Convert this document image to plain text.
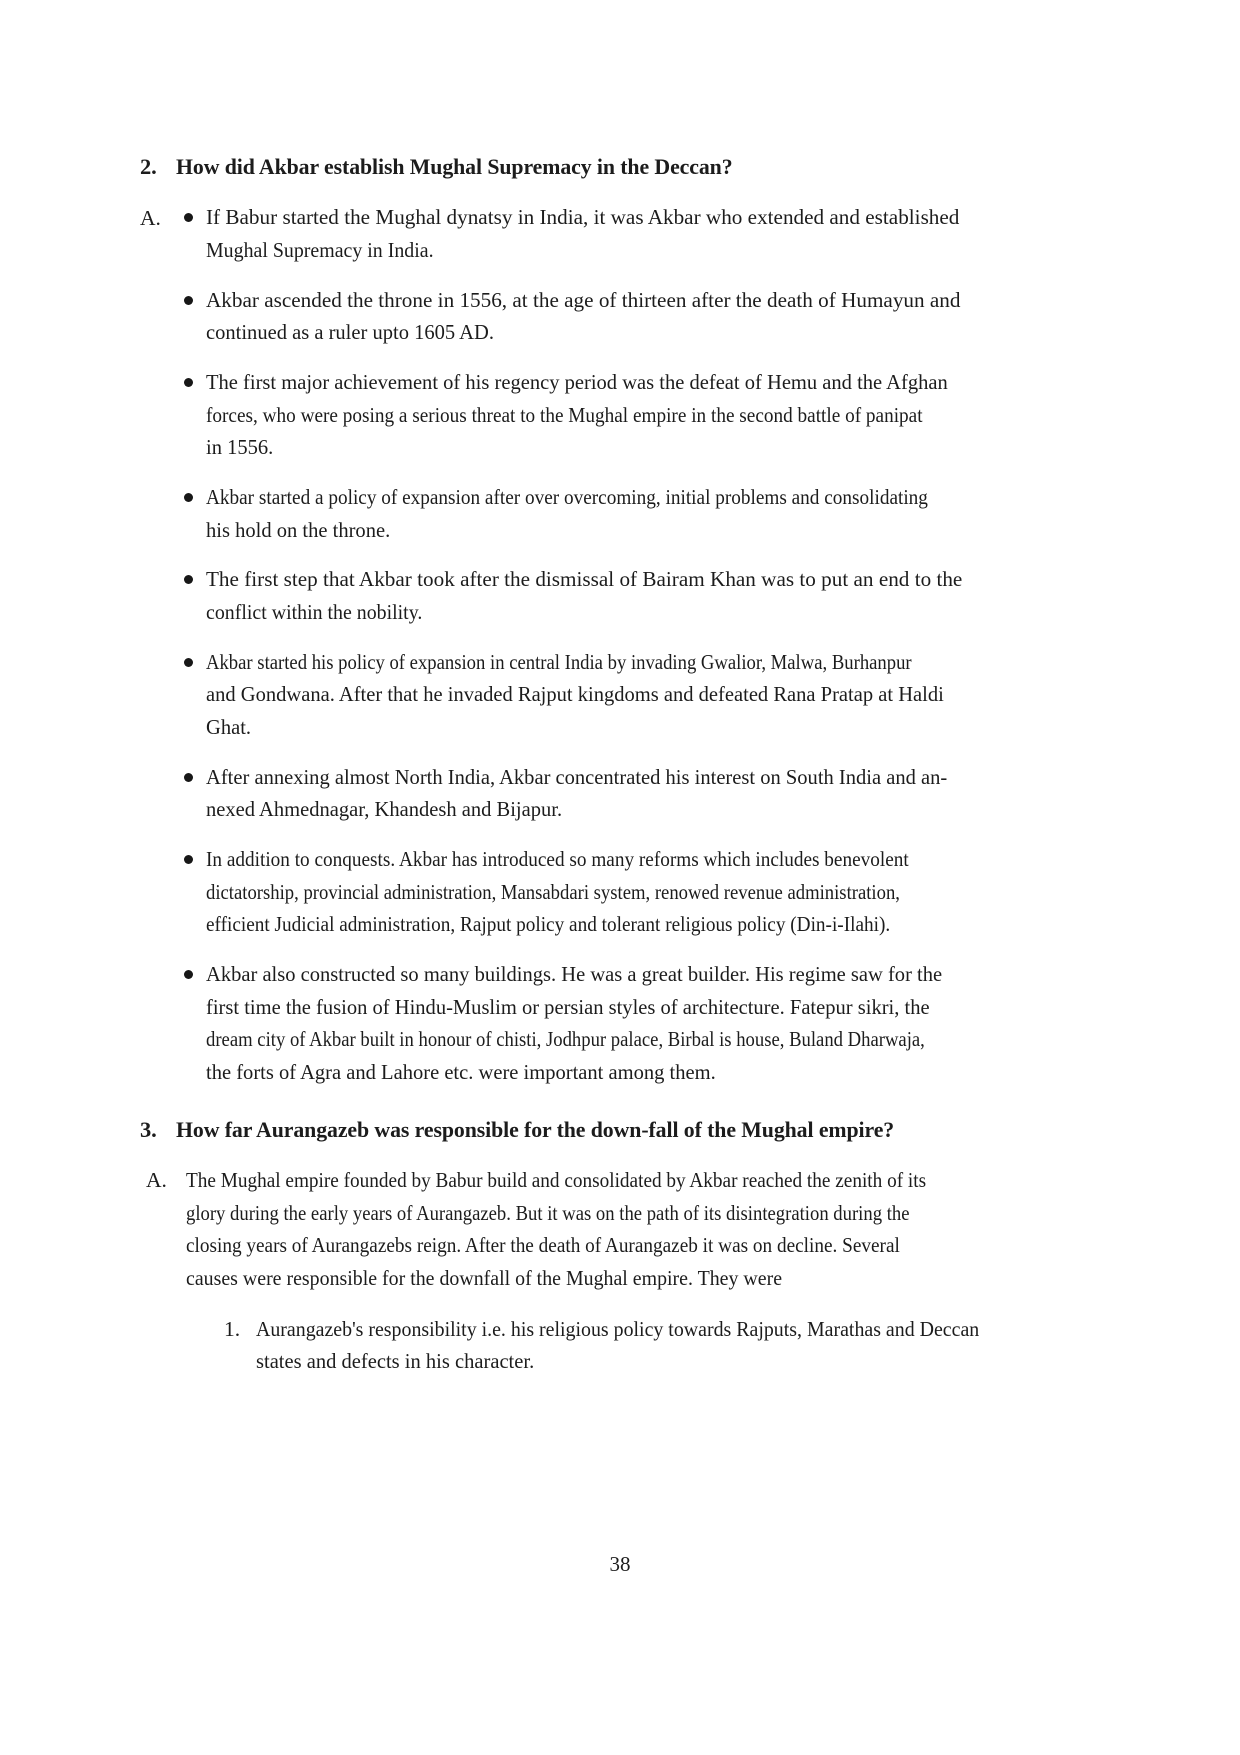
2. How did Akbar establish Mughal Supremacy in the Deccan?
A.	If Babur started the Mughal dynatsy in India, it was Akbar who extended and established
Mughal Supremacy in India.
Akbar ascended the throne in 1556, at the age of thirteen after the death of Humayun and
continued as a ruler upto 1605 AD.
The first major achievement of his regency period was the defeat of Hemu and the Afghan
forces, who were posing a serious threat to the Mughal empire in the second battle of panipat
in 1556.
Akbar started a policy of expansion after over overcoming, initial problems and consolidating
his hold on the throne.
The first step that Akbar took after the dismissal of Bairam Khan was to put an end to the
conflict within the nobility.
Akbar started his policy of expansion in central India by invading Gwalior, Malwa, Burhanpur
and Gondwana. After that he invaded Rajput kingdoms and defeated Rana Pratap at Haldi
Ghat.
After annexing almost North India, Akbar concentrated his interest on South India and an-
nexed Ahmednagar, Khandesh and Bijapur.
In addition to conquests. Akbar has introduced so many reforms which includes benevolent
dictatorship, provincial administration, Mansabdari system, renowed revenue administration,
efficient Judicial administration, Rajput policy and tolerant religious policy (Din-i-Ilahi).
Akbar also constructed so many buildings. He was a great builder. His regime saw for the
first time the fusion of Hindu-Muslim or persian styles of architecture. Fatepur sikri, the
dream city of Akbar built in honour of chisti, Jodhpur palace, Birbal is house, Buland Dharwaja,
the forts of Agra and Lahore etc. were important among them.
3. How far Aurangazeb was responsible for the down-fall of the Mughal empire?
A. The Mughal empire founded by Babur build and consolidated by Akbar reached the zenith of its
glory during the early years of Aurangazeb. But it was on the path of its disintegration during the
closing years of Aurangazebs reign. After the death of Aurangazeb it was on decline. Several
causes were responsible for the downfall of the Mughal empire. They were
1. Aurangazeb's responsibility i.e. his religious policy towards Rajputs, Marathas and Deccan
states and defects in his character.
38
